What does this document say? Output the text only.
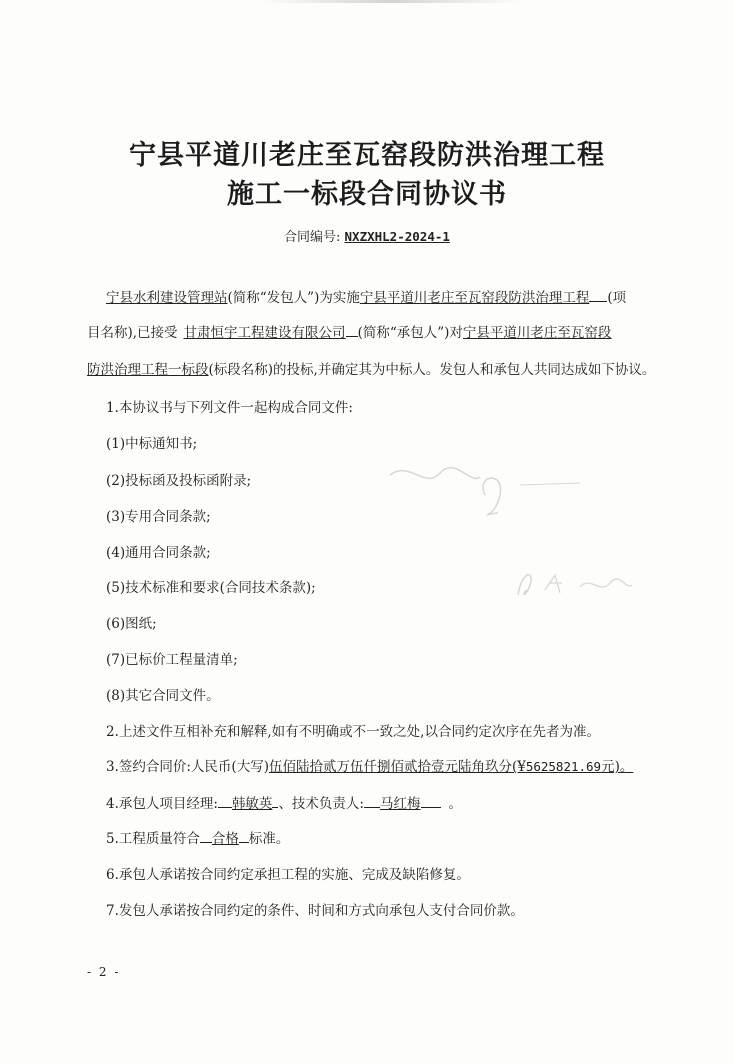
宁县平道川老庄至瓦窑段防洪治理工程
施工一标段合同协议书
合同编号: NXZXHL2-2024-1
宁县水利建设管理站(简称“发包人”)为实施宁县平道川老庄至瓦窑段防洪治理工程 (项
目名称),已接受 甘肃恒宇工程建设有限公司 (简称“承包人”)对宁县平道川老庄至瓦窑段
防洪治理工程一标段(标段名称)的投标,并确定其为中标人。发包人和承包人共同达成如下协议。
1.本协议书与下列文件一起构成合同文件:
(1)中标通知书;
(2)投标函及投标函附录;
(3)专用合同条款;
(4)通用合同条款;
(5)技术标准和要求(合同技术条款);
(6)图纸;
(7)已标价工程量清单;
(8)其它合同文件。
2.上述文件互相补充和解释,如有不明确或不一致之处,以合同约定次序在先者为准。
3.签约合同价:人民币(大写)伍佰陆拾贰万伍仟捌佰贰拾壹元陆角玖分(¥5625821.69元)。
4.承包人项目经理: 韩敏英 、技术负责人: 马红梅 。
5.工程质量符合 合格 标准。
6.承包人承诺按合同约定承担工程的实施、完成及缺陷修复。
7.发包人承诺按合同约定的条件、时间和方式向承包人支付合同价款。
- 2 -
